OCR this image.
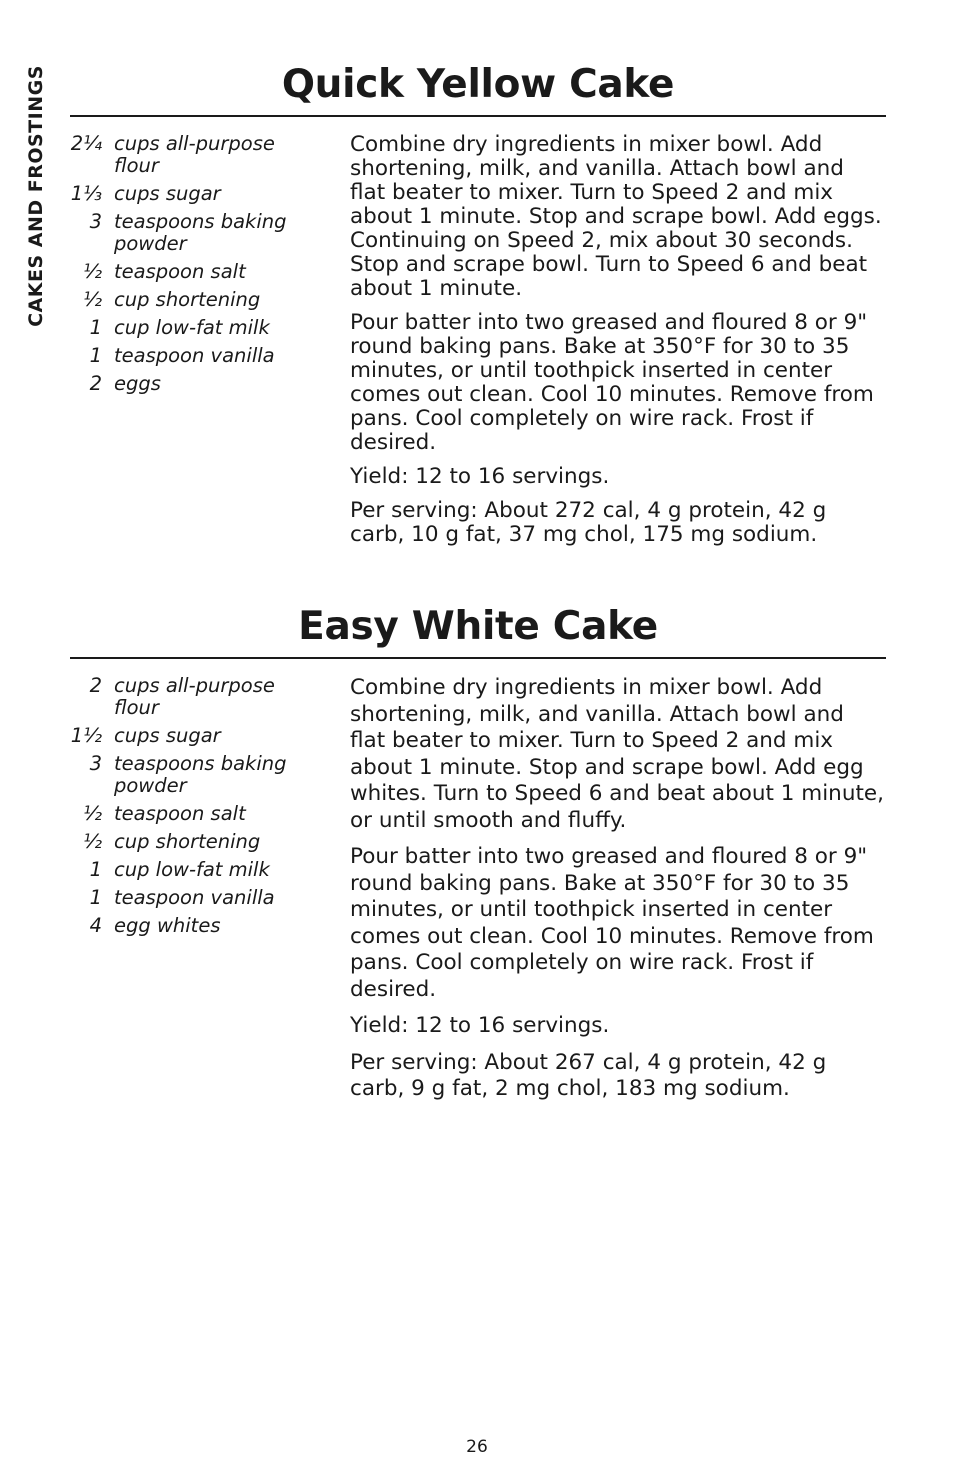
CAKES AND FROSTINGS	Quick Yellow Cake
2¼ cups all-purpose flour
1⅓ cups sugar
3 teaspoons baking powder
½ teaspoon salt
½ cup shortening
1 cup low-fat milk
1 teaspoon vanilla
2 eggs

Combine dry ingredients in mixer bowl. Add shortening, milk, and vanilla. Attach bowl and flat beater to mixer. Turn to Speed 2 and mix about 1 minute. Stop and scrape bowl. Add eggs. Continuing on Speed 2, mix about 30 seconds. Stop and scrape bowl. Turn to Speed 6 and beat about 1 minute.

Pour batter into two greased and floured 8 or 9" round baking pans. Bake at 350°F for 30 to 35 minutes, or until toothpick inserted in center comes out clean. Cool 10 minutes. Remove from pans. Cool completely on wire rack. Frost if desired.

Yield: 12 to 16 servings.

Per serving: About 272 cal, 4 g protein, 42 g carb, 10 g fat, 37 mg chol, 175 mg sodium.

Easy White Cake
2 cups all-purpose flour
1½ cups sugar
3 teaspoons baking powder
½ teaspoon salt
½ cup shortening
1 cup low-fat milk
1 teaspoon vanilla
4 egg whites

Combine dry ingredients in mixer bowl. Add shortening, milk, and vanilla. Attach bowl and flat beater to mixer. Turn to Speed 2 and mix about 1 minute. Stop and scrape bowl. Add egg whites. Turn to Speed 6 and beat about 1 minute, or until smooth and fluffy.

Pour batter into two greased and floured 8 or 9" round baking pans. Bake at 350°F for 30 to 35 minutes, or until toothpick inserted in center comes out clean. Cool 10 minutes. Remove from pans. Cool completely on wire rack. Frost if desired.

Yield: 12 to 16 servings.

Per serving: About 267 cal, 4 g protein, 42 g carb, 9 g fat, 2 mg chol, 183 mg sodium.

26
